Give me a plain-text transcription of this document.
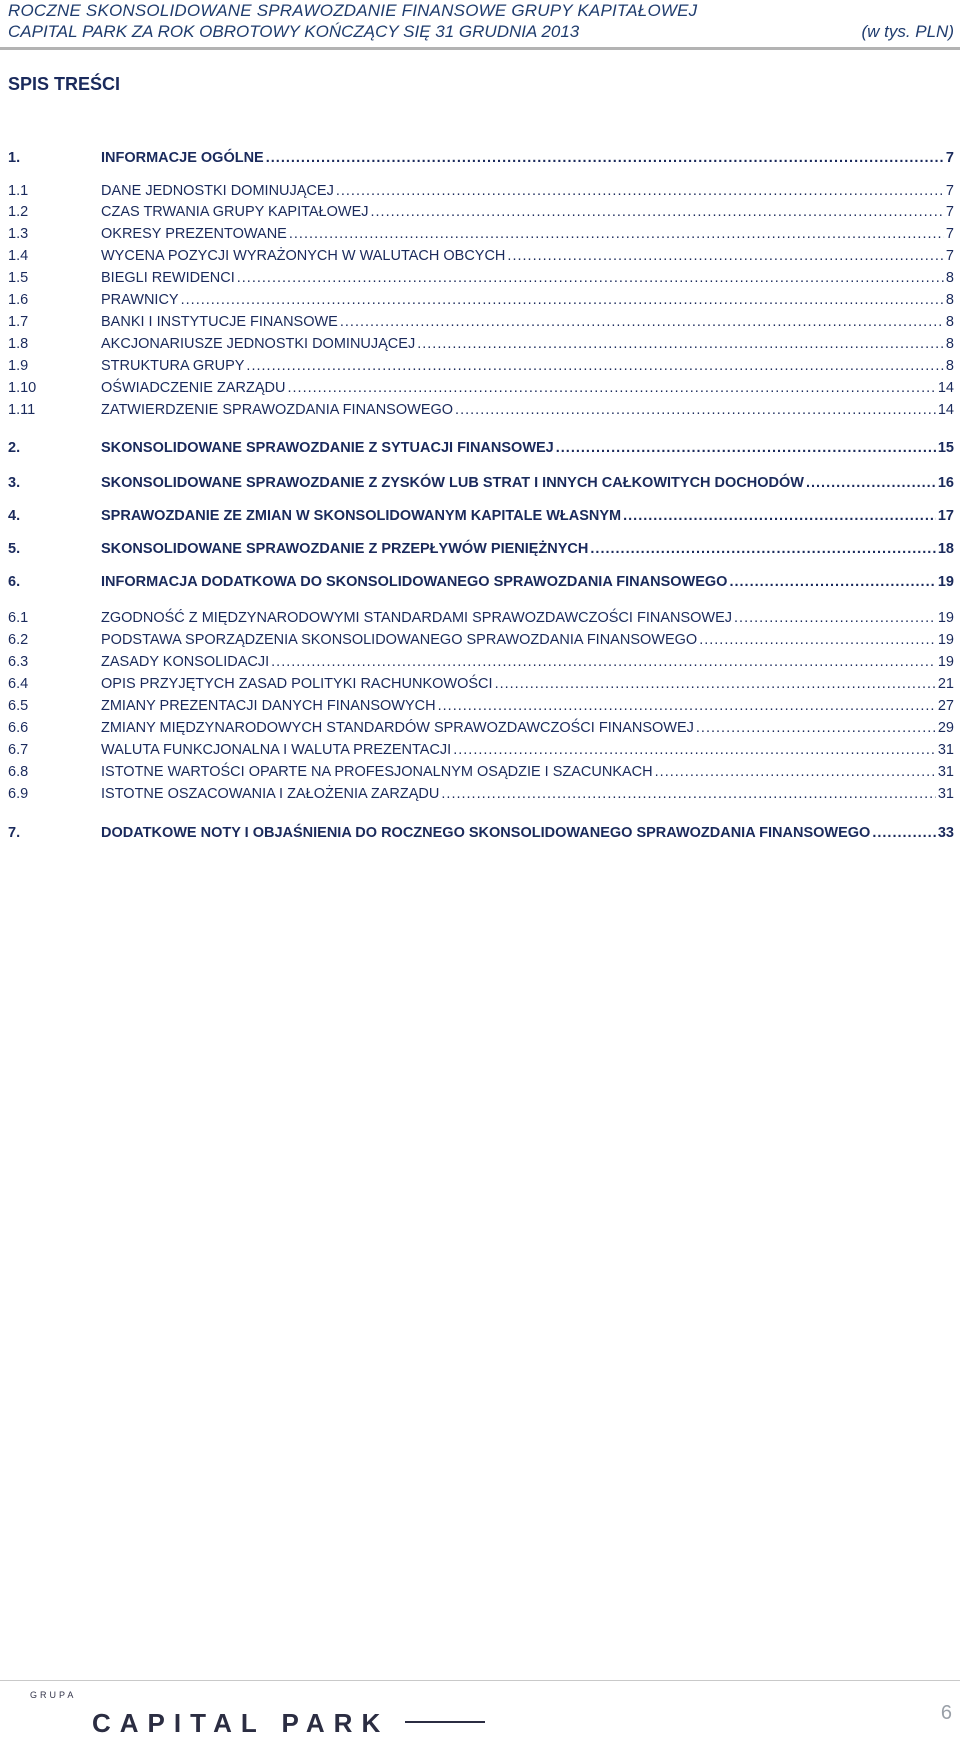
ROCZNE SKONSOLIDOWANE SPRAWOZDANIE FINANSOWE GRUPY KAPITAŁOWEJ
CAPITAL PARK ZA ROK OBROTOWY KOŃCZĄCY SIĘ 31 GRUDNIA 2013	(w tys. PLN)
SPIS TREŚCI
1.	INFORMACJE OGÓLNE .....	7
1.1	DANE JEDNOSTKI DOMINUJĄCEJ .....	7
1.2	CZAS TRWANIA GRUPY KAPITAŁOWEJ .....	7
1.3	OKRESY PREZENTOWANE .....	7
1.4	WYCENA POZYCJI WYRAŻONYCH W WALUTACH OBCYCH .....	7
1.5	BIEGLI REWIDENCI .....	8
1.6	PRAWNICY .....	8
1.7	BANKI I INSTYTUCJE FINANSOWE .....	8
1.8	AKCJONARIUSZE JEDNOSTKI DOMINUJĄCEJ .....	8
1.9	STRUKTURA GRUPY .....	8
1.10	OŚWIADCZENIE ZARZĄDU .....	14
1.11	ZATWIERDZENIE SPRAWOZDANIA FINANSOWEGO .....	14
2.	SKONSOLIDOWANE SPRAWOZDANIE Z SYTUACJI FINANSOWEJ .....	15
3.	SKONSOLIDOWANE SPRAWOZDANIE Z ZYSKÓW LUB STRAT I INNYCH CAŁKOWITYCH DOCHODÓW .....	16
4.	SPRAWOZDANIE ZE ZMIAN W SKONSOLIDOWANYM KAPITALE WŁASNYM .....	17
5.	SKONSOLIDOWANE SPRAWOZDANIE Z PRZEPŁYWÓW PIENIĘŻNYCH .....	18
6.	INFORMACJA DODATKOWA DO SKONSOLIDOWANEGO SPRAWOZDANIA FINANSOWEGO .....	19
6.1	ZGODNOŚĆ Z MIĘDZYNARODOWYMI STANDARDAMI SPRAWOZDAWCZOŚCI FINANSOWEJ .....	19
6.2	PODSTAWA SPORZĄDZENIA SKONSOLIDOWANEGO SPRAWOZDANIA FINANSOWEGO .....	19
6.3	ZASADY KONSOLIDACJI .....	19
6.4	OPIS PRZYJĘTYCH ZASAD POLITYKI RACHUNKOWOŚCI .....	21
6.5	ZMIANY PREZENTACJI DANYCH FINANSOWYCH .....	27
6.6	ZMIANY MIĘDZYNARODOWYCH STANDARDÓW SPRAWOZDAWCZOŚCI FINANSOWEJ .....	29
6.7	WALUTA FUNKCJONALNA I WALUTA PREZENTACJI .....	31
6.8	ISTOTNE WARTOŚCI OPARTE NA PROFESJONALNYM OSĄDZIE I SZACUNKACH .....	31
6.9	ISTOTNE OSZACOWANIA I ZAŁOŻENIA ZARZĄDU .....	31
7.	DODATKOWE NOTY I OBJAŚNIENIA DO ROCZNEGO SKONSOLIDOWANEGO SPRAWOZDANIA FINANSOWEGO .....	33
GRUPA
CAPITAL PARK	6
